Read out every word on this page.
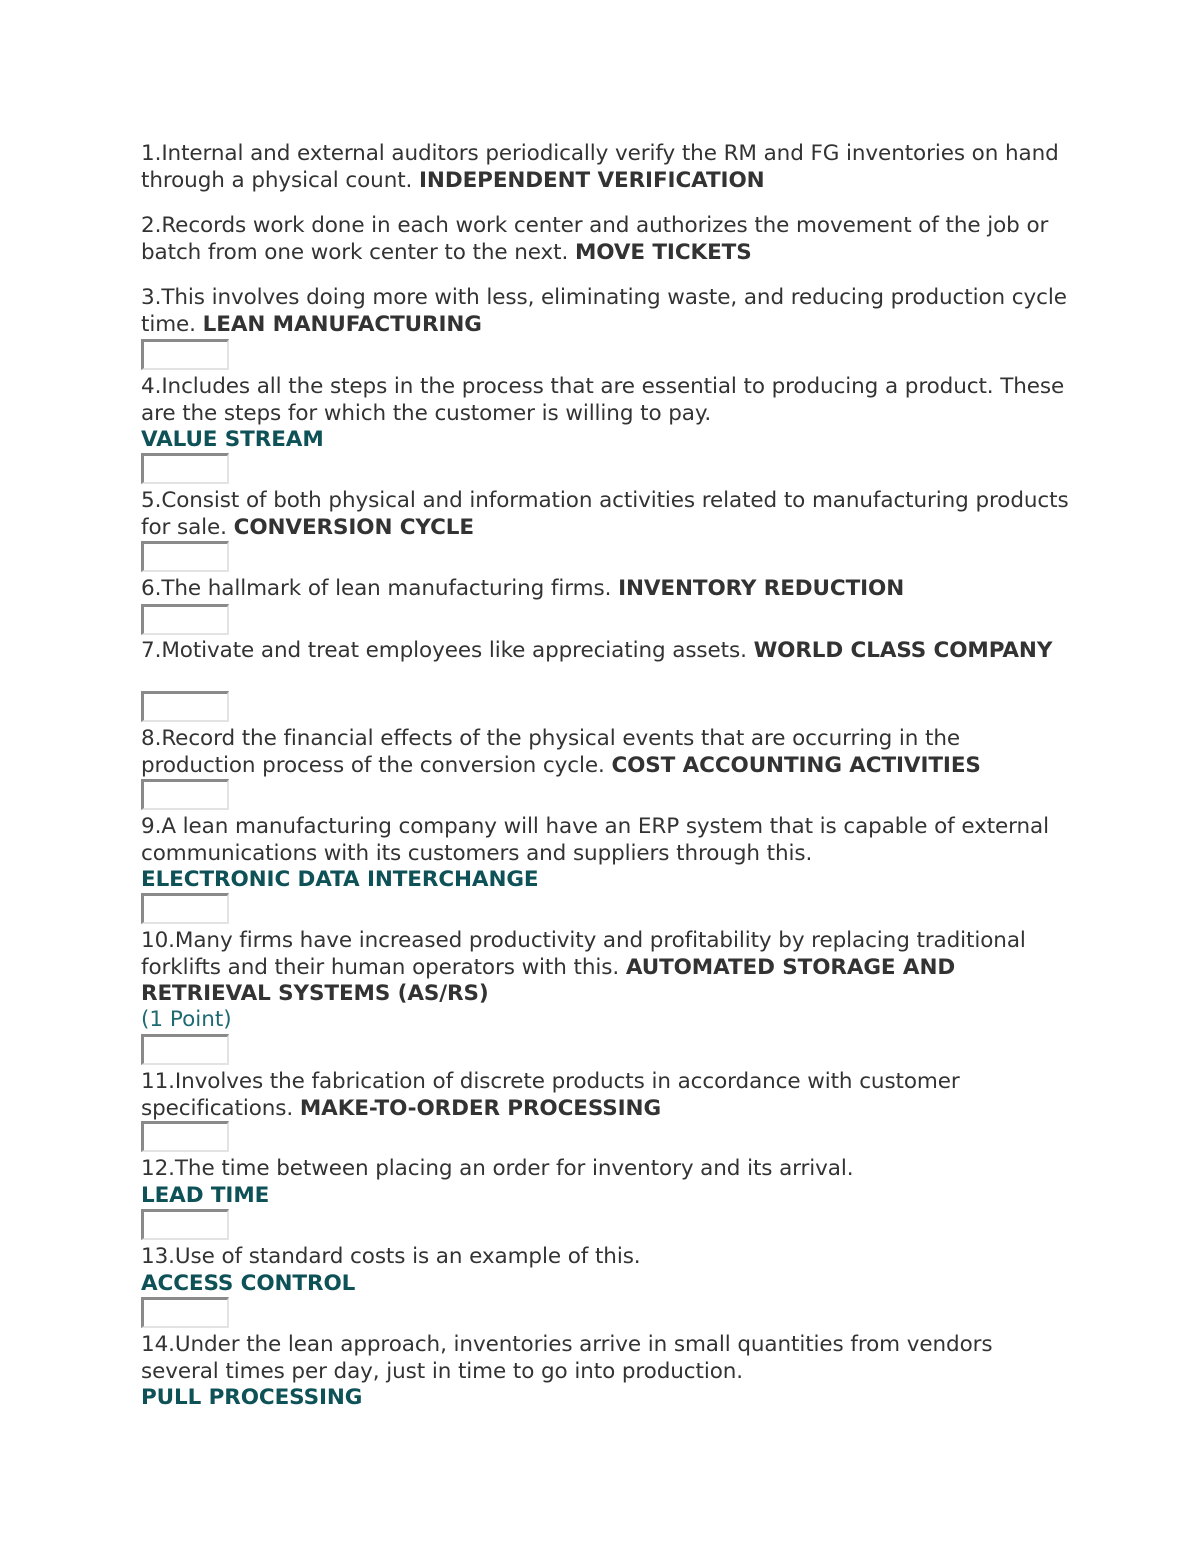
1.Internal and external auditors periodically verify the RM and FG inventories on hand through a physical count. INDEPENDENT VERIFICATION
2.Records work done in each work center and authorizes the movement of the job or batch from one work center to the next. MOVE TICKETS
3.This involves doing more with less, eliminating waste, and reducing production cycle time. LEAN MANUFACTURING
4.Includes all the steps in the process that are essential to producing a product. These are the steps for which the customer is willing to pay.
VALUE STREAM
5.Consist of both physical and information activities related to manufacturing products for sale. CONVERSION CYCLE
6.The hallmark of lean manufacturing firms. INVENTORY REDUCTION
7.Motivate and treat employees like appreciating assets. WORLD CLASS COMPANY
8.Record the financial effects of the physical events that are occurring in the production process of the conversion cycle. COST ACCOUNTING ACTIVITIES
9.A lean manufacturing company will have an ERP system that is capable of external communications with its customers and suppliers through this.
ELECTRONIC DATA INTERCHANGE
10.Many firms have increased productivity and profitability by replacing traditional forklifts and their human operators with this. AUTOMATED STORAGE AND RETRIEVAL SYSTEMS (AS/RS)
(1 Point)
11.Involves the fabrication of discrete products in accordance with customer specifications. MAKE-TO-ORDER PROCESSING
12.The time between placing an order for inventory and its arrival.
LEAD TIME
13.Use of standard costs is an example of this.
ACCESS CONTROL
14.Under the lean approach, inventories arrive in small quantities from vendors several times per day, just in time to go into production.
PULL PROCESSING
